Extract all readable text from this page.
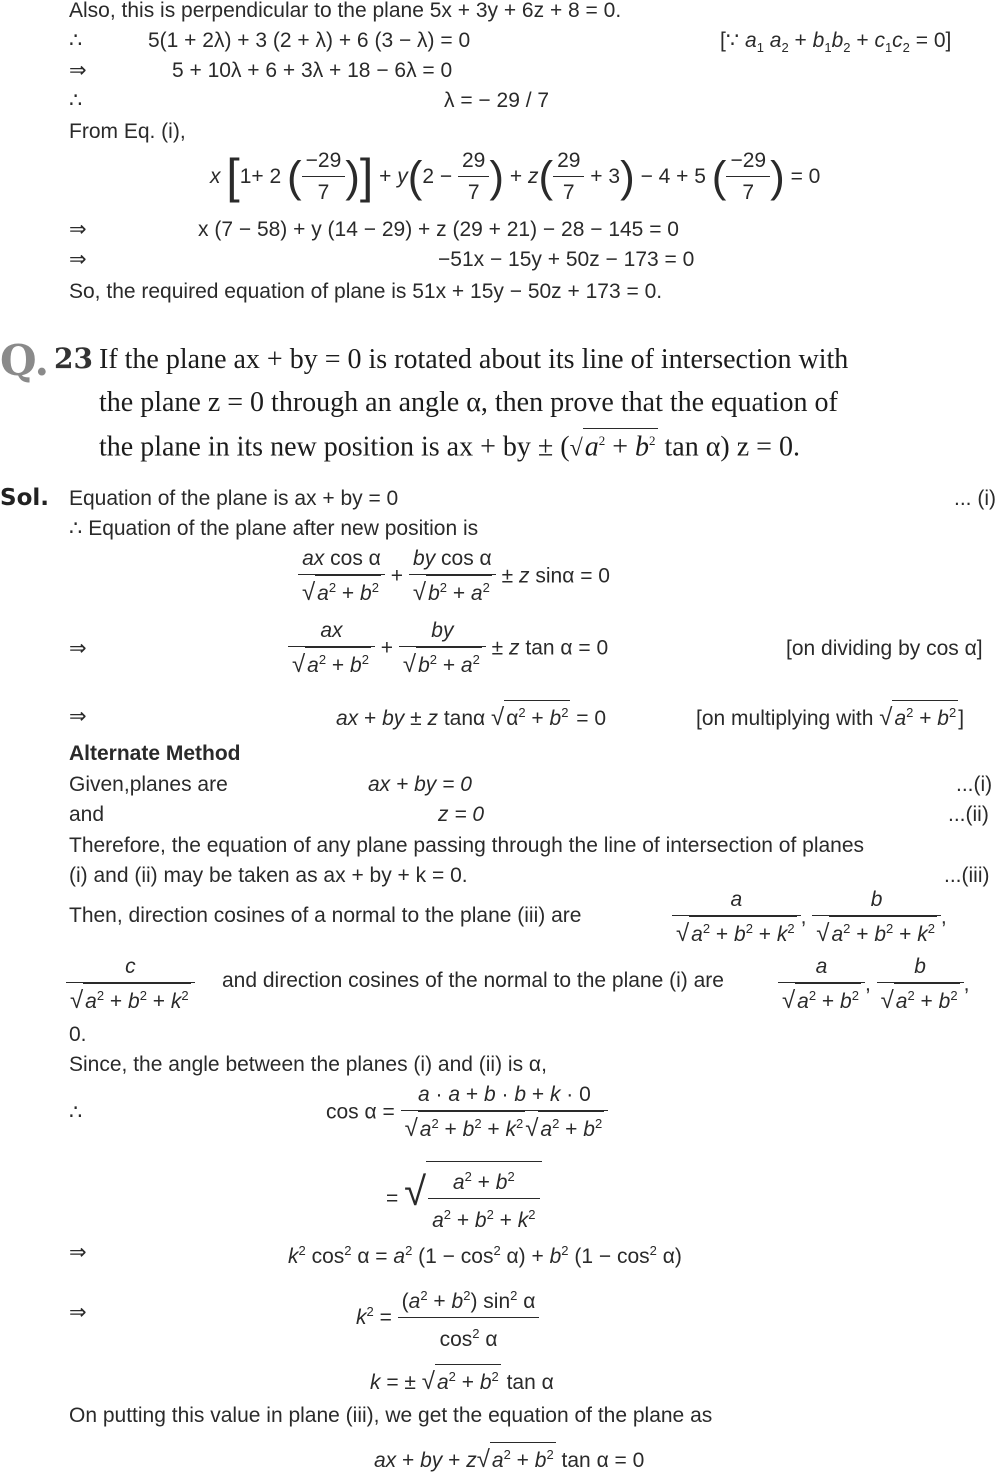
Also, this is perpendicular to the plane 5x + 3y + 6z + 8 = 0.
∴	5(1 + 2λ) + 3 (2 + λ) + 6 (3 − λ) = 0	[∵ $a_1$ $a_2 + b_1b_2 + c_1c_2 = 0$]
⇒	5 + 10λ + 6 + 3λ + 18 − 6λ = 0
∴	λ = − 29 / 7
From Eq. (i),
x [1+ 2 ( $\frac{-29}{7}$ )] + $y(2 - \frac{29}{7}$ ) + $z( \frac{29}{7} + 3) - 4 + 5$ ( $\frac{-29}{7}$ ) = 0
⇒	x (7 − 58) + y (14 − 29) + z (29 + 21) − 28 − 145 = 0
⇒	−51x − 15y + 50z − 173 = 0
So, the required equation of plane is 51x + 15y − 50z + 173 = 0.
Q. 23 If the plane ax + by = 0 is rotated about its line of intersection with
the plane z = 0 through an angle α, then prove that the equation of
the plane in its new position is ax + by ± ($√a^2 + b^2$ tan α) z = 0.
Sol. Equation of the plane is ax + by = 0	... (i)
∴ Equation of the plane after new position is
$\frac{\text{ax cos α}}{√a^2 + b^2} + \frac{\text{by cos α}}{√b^2 + a^2} \pm z$ sinα = 0
⇒	$\frac{ax}{√a^2 + b^2} + \frac{by}{√b^2 + a^2} \pm z$ tan α = 0	[on dividing by cos α]
⇒	ax + by ± z tanα $√\alpha^2 + b^2 = 0$	[on multiplying with $√a^2 + b^2$]
Alternate Method
Given,planes are	ax + by = 0	...(i)
and	z = 0	...(ii)
Therefore, the equation of any plane passing through the line of intersection of planes
(i) and (ii) may be taken as ax + by + k = 0.	...(iii)
Then, direction cosines of a normal to the plane (iii) are	$\frac{a}{√a^2 + b^2 + k^2}$ , $\frac{b}{√a^2 + b^2 + k^2}$ ,
$\frac{c}{√a^2 + b^2 + k^2}$ and direction cosines of the normal to the plane (i) are	$\frac{a}{√a^2 + b^2}$ , $\frac{b}{√a^2 + b^2}$ ,
0.
Since, the angle between the planes (i) and (ii) is α,
∴	$\cos \alpha = \frac{a \cdot a + b \cdot b + k \cdot 0}{√a^2 + b^2 + k^2√a^2 + b^2}$
= √ $\frac{a^2 + b^2}{a^2 + b^2 + k^2}$
⇒	$k^2$ $\cos^2 \alpha = a^2$ $(1 - \cos^2 \alpha) + b^2$ $(1 - \cos^2 \alpha)$
⇒	$k^2 = \frac{(a^2 + b^2) \sin^2 \alpha}{\cos^2 \alpha}$
k = ± $√a^2 + b^2$ tan α
On putting this value in plane (iii), we get the equation of the plane as
ax + by + $z√a^2 + b^2$ tan α = 0
